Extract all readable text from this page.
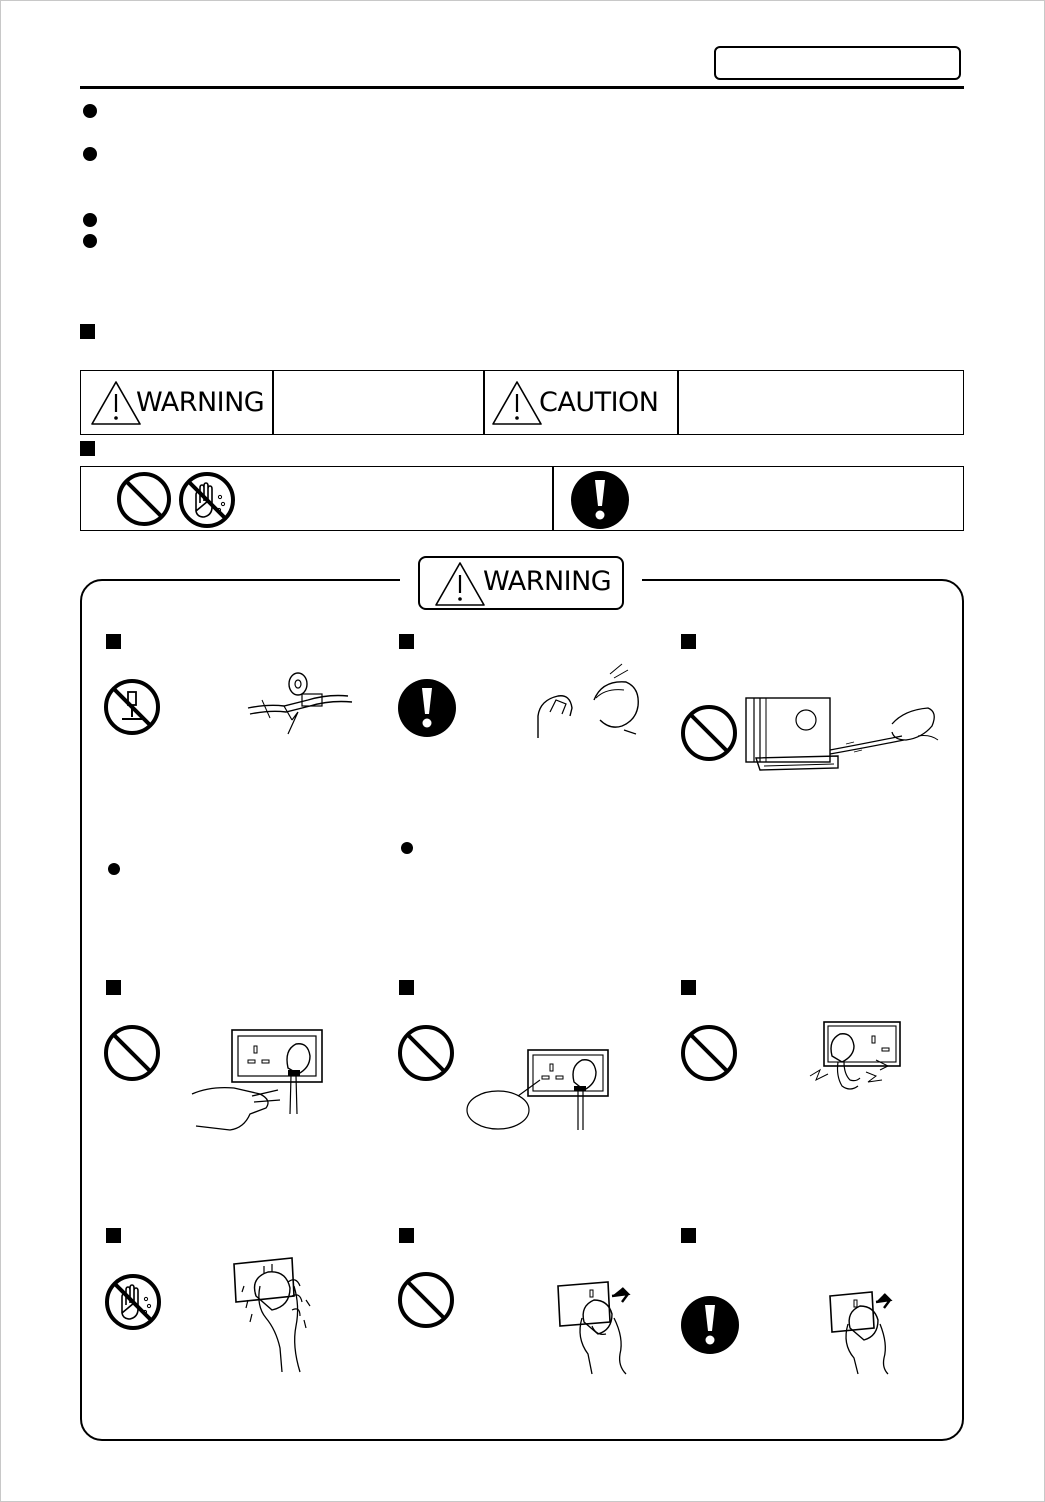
WARNING	CAUTION
WARNING
